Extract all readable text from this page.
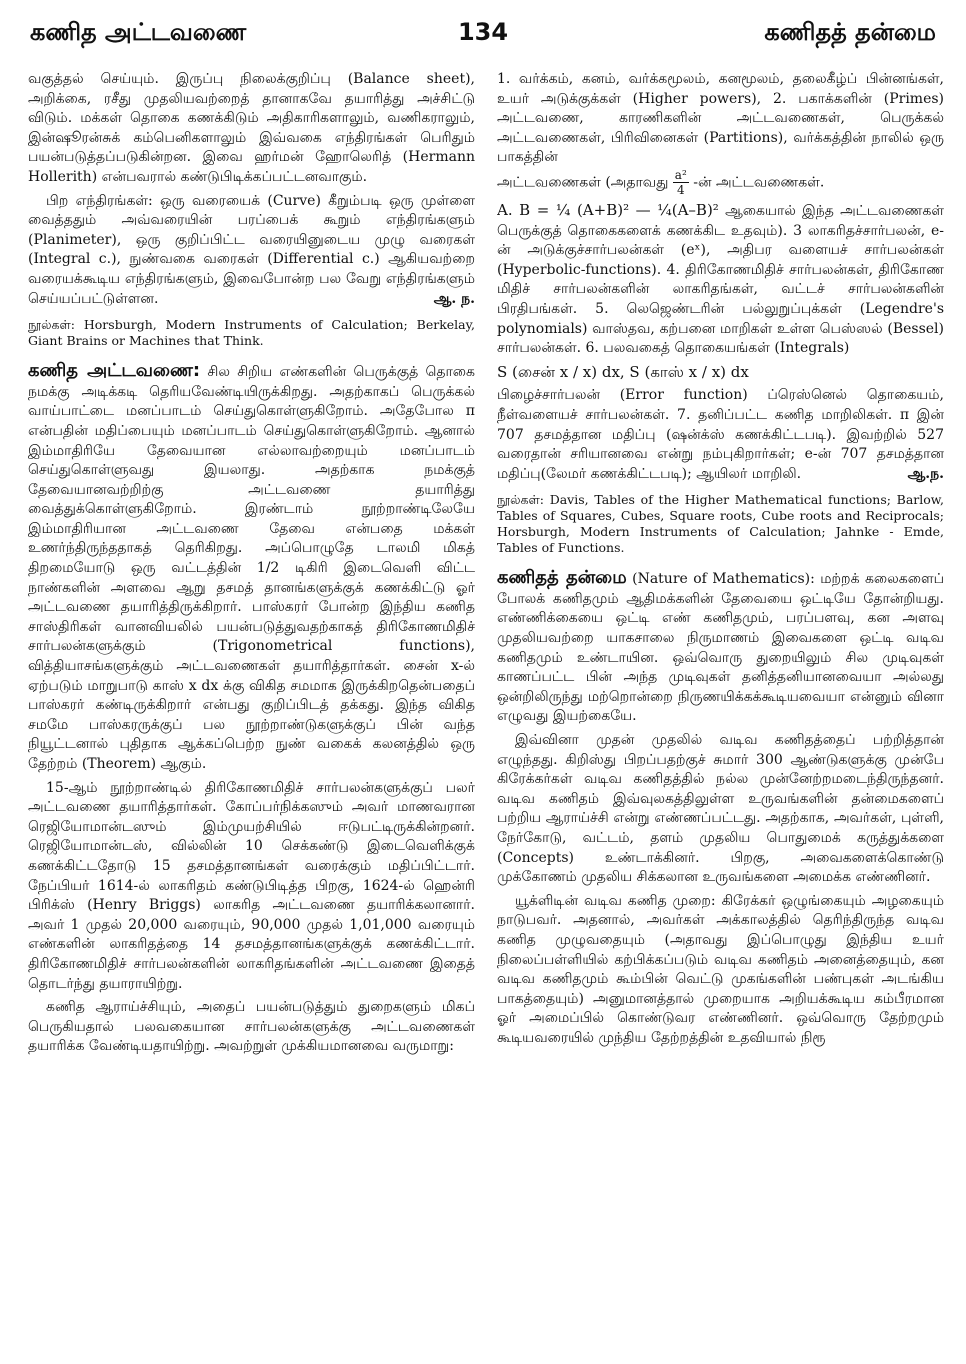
கணித அட்டவணை	134	கணிதத் தன்மை

வகுத்தல் செய்யும். இருப்பு நிலைக்குறிப்பு (Balance sheet), அறிக்கை, ரசீது முதலியவற்றைத் தானாகவே தயாரித்து அச்சிட்டு விடும். மக்கள் தொகை கணக்கிடும் அதிகாரிகளாலும், வணிகராலும், இன்ஷூரன்சுக் கம்பெனிகளாலும் இவ்வகை எந்திரங்கள் பெரிதும் பயன்படுத்தப்படுகின்றன. இவை ஹர்மன் ஹோலெரித் (Hermann Hollerith) என்பவரால் கண்டுபிடிக்கப்பட்டனவாகும்.

பிற எந்திரங்கள்: ஒரு வரையைக் (Curve) கீறும்படி ஒரு முள்ளை வைத்ததும் அவ்வரையின் பரப்பைக் கூறும் எந்திரங்களும் (Planimeter), ஒரு குறிப்பிட்ட வரையினுடைய முழு வரைகள் (Integral c.), நுண்வகை வரைகள் (Differential c.) ஆகியவற்றை வரையக்கூடிய எந்திரங்களும், இவைபோன்ற பல வேறு எந்திரங்களும் செய்யப்பட்டுள்ளன.	ஆ. ந.

நூல்கள்: Horsburgh, Modern Instruments of Calculation; Berkelay, Giant Brains or Machines that Think.

கணித அட்டவணை: சில சிறிய எண்களின் பெருக்குத் தொகை நமக்கு அடிக்கடி தெரியவேண்டியிருக்கிறது. அதற்காகப் பெருக்கல் வாய்பாட்டை மனப்பாடம் செய்துகொள்ளுகிறோம். அதேபோல π என்பதின் மதிப்பையும் மனப்பாடம் செய்துகொள்ளுகிறோம். ஆனால் இம்மாதிரியே தேவையான எல்லாவற்றையும் மனப்பாடம் செய்துகொள்ளுவது இயலாது. அதற்காக நமக்குத் தேவையானவற்றிற்கு அட்டவணை தயாரித்து வைத்துக்கொள்ளுகிறோம். இரண்டாம் நூற்றாண்டிலேயே இம்மாதிரியான அட்டவணை தேவை என்பதை மக்கள் உணர்ந்திருந்ததாகத் தெரிகிறது. அப்பொழுதே டாலமி மிகத் திறமையோடு ஒரு வட்டத்தின் 1/2 டிகிரி இடைவெளி விட்ட நாண்களின் அளவை ஆறு தசமத் தானங்களுக்குக் கணக்கிட்டு ஓர் அட்டவணை தயாரித்திருக்கிறார். பாஸ்கரர் போன்ற இந்திய கணித சாஸ்திரிகள் வானவியலில் பயன்படுத்துவதற்காகத் திரிகோணமிதிச் சார்பலன்களுக்கும் (Trigonometrical functions), வித்தியாசங்களுக்கும் அட்டவணைகள் தயாரித்தார்கள். சைன் x-ல் ஏற்படும் மாறுபாடு காஸ் x dx க்கு விகித சமமாக இருக்கிறதென்பதைப் பாஸ்கரர் கண்டிருக்கிறார் என்பது குறிப்பிடத் தக்கது. இந்த விகித சமமே பாஸ்கரருக்குப் பல நூற்றாண்டுகளுக்குப் பின் வந்த நியூட்டனால் புதிதாக ஆக்கப்பெற்ற நுண் வகைக் கலனத்தில் ஒரு தேற்றம் (Theorem) ஆகும்.

15-ஆம் நூற்றாண்டில் திரிகோணமிதிச் சார்பலன்களுக்குப் பலர் அட்டவணை தயாரித்தார்கள். கோப்பர்நிக்கஸும் அவர் மாணவரான ரெஜியோமான்டஸும் இம்முயற்சியில் ஈடுபட்டிருக்கின்றனர். ரெஜியோமான்டஸ், வில்லின் 10 செக்கண்டு இடைவெளிக்குக் கணக்கிட்டதோடு 15 தசமத்தானங்கள் வரைக்கும் மதிப்பிட்டார். நேப்பியர் 1614-ல் லாகரிதம் கண்டுபிடித்த பிறகு, 1624-ல் ஹென்ரி பிரிக்ஸ் (Henry Briggs) லாகரித அட்டவணை தயாரிக்கலானார். அவர் 1 முதல் 20,000 வரையும், 90,000 முதல் 1,01,000 வரையும் எண்களின் லாகரிதத்தை 14 தசமத்தானங்களுக்குக் கணக்கிட்டார். திரிகோணமிதிச் சார்பலன்களின் லாகரிதங்களின் அட்டவணை இதைத் தொடர்ந்து தயாராயிற்று.

கணித ஆராய்ச்சியும், அதைப் பயன்படுத்தும் துறைகளும் மிகப் பெருகியதால் பலவகையான சார்பலன்களுக்கு அட்டவணைகள் தயாரிக்க வேண்டியதாயிற்று. அவற்றுள் முக்கியமானவை வருமாறு:

1. வர்க்கம், கனம், வர்க்கமூலம், கனமூலம், தலைகீழ்ப் பின்னங்கள், உயர் அடுக்குக்கள் (Higher powers), 2. பகாக்களின் (Primes) அட்டவணை, காரணிகளின் அட்டவணைகள், பெருக்கல் அட்டவணைகள், பிரிவினைகள் (Partitions), வர்க்கத்தின் நாலில் ஒரு பாகத்தின்
அட்டவணைகள் (அதாவது $\frac{\text{a²}}{4}$ -ன் அட்டவணைகள்.

A. B = ¼ (A+B)² — ¼(A–B)² ஆகையால் இந்த அட்டவணைகள் பெருக்குத் தொகைகளைக் கணக்கிட உதவும்). 3 லாகரிதச்சார்பலன், e-ன் அடுக்குச்சார்பலன்கள் (eˣ), அதிபர வளையச் சார்பலன்கள் (Hyperbolic-functions). 4. திரிகோணமிதிச் சார்பலன்கள், திரிகோண மிதிச் சார்பலன்களின் லாகரிதங்கள், வட்டச் சார்பலன்களின் பிரதிபங்கள். 5. லெஜெண்டரின் பல்லுறுப்புக்கள் (Legendre's polynomials) வாஸ்தவ, கற்பனை மாறிகள் உள்ள பெஸ்ஸல் (Bessel) சார்பலன்கள். 6. பலவகைத் தொகையங்கள் (Integrals)

S (சைன் x / x) dx, S (காஸ் x / x) dx

பிழைச்சார்பலன் (Error function) ப்ரெஸ்னெல் தொகையம், நீள்வளையச் சார்பலன்கள். 7. தனிப்பட்ட கணித மாறிலிகள். π இன் 707 தசமத்தான மதிப்பு (ஷன்க்ஸ் கணக்கிட்டபடி). இவற்றில் 527 வரைதான் சரியானவை என்று நம்புகிறார்கள்; e-ன் 707 தசமத்தான மதிப்பு(லேமர் கணக்கிட்டபடி); ஆயிலர் மாறிலி.	ஆ.ந.

நூல்கள்: Davis, Tables of the Higher Mathematical functions; Barlow, Tables of Squares, Cubes, Square roots, Cube roots and Reciprocals; Horsburgh, Modern Instruments of Calculation; Jahnke - Emde, Tables of Functions.

கணிதத் தன்மை (Nature of Mathematics): மற்றக் கலைகளைப் போலக் கணிதமும் ஆதிமக்களின் தேவையை ஒட்டியே தோன்றியது. எண்ணிக்கையை ஒட்டி எண் கணிதமும், பரப்பளவு, கன அளவு முதலியவற்றை யாகசாலை நிருமாணம் இவைகளை ஒட்டி வடிவ கணிதமும் உண்டாயின. ஒவ்வொரு துறையிலும் சில முடிவுகள் காணப்பட்ட பின் அந்த முடிவுகள் தனித்தனியானவையா அல்லது ஒன்றிலிருந்து மற்றொன்றை நிருணயிக்கக்கூடியவையா என்னும் வினா எழுவது இயற்கையே.

இவ்வினா முதன் முதலில் வடிவ கணிதத்தைப் பற்றித்தான் எழுந்தது. கிறிஸ்து பிறப்பதற்குச் சுமார் 300 ஆண்டுகளுக்கு முன்பே கிரேக்கர்கள் வடிவ கணிதத்தில் நல்ல முன்னேற்றமடைந்திருந்தனர். வடிவ கணிதம் இவ்வுலகத்திலுள்ள உருவங்களின் தன்மைகளைப் பற்றிய ஆராய்ச்சி என்று எண்ணப்பட்டது. அதற்காக, அவர்கள், புள்ளி, நேர்கோடு, வட்டம், தளம் முதலிய பொதுமைக் கருத்துக்களை (Concepts) உண்டாக்கினர். பிறகு, அவைகளைக்கொண்டு முக்கோணம் முதலிய சிக்கலான உருவங்களை அமைக்க எண்ணினர்.

யூக்ளிடின் வடிவ கணித முறை: கிரேக்கர் ஒழுங்கையும் அழகையும் நாடுபவர். அதனால், அவர்கள் அக்காலத்தில் தெரிந்திருந்த வடிவ கணித முழுவதையும் (அதாவது இப்பொழுது இந்திய உயர் நிலைப்பள்ளியில் கற்பிக்கப்படும் வடிவ கணிதம் அனைத்தையும், கன வடிவ கணிதமும் கூம்பின் வெட்டு முகங்களின் பண்புகள் அடங்கிய பாகத்தையும்) அனுமானத்தால் முறையாக அறியக்கூடிய கம்பீரமான ஓர் அமைப்பில் கொண்டுவர எண்ணினர். ஒவ்வொரு தேற்றமும் கூடியவரையில் முந்திய தேற்றத்தின் உதவியால் நிரூ
